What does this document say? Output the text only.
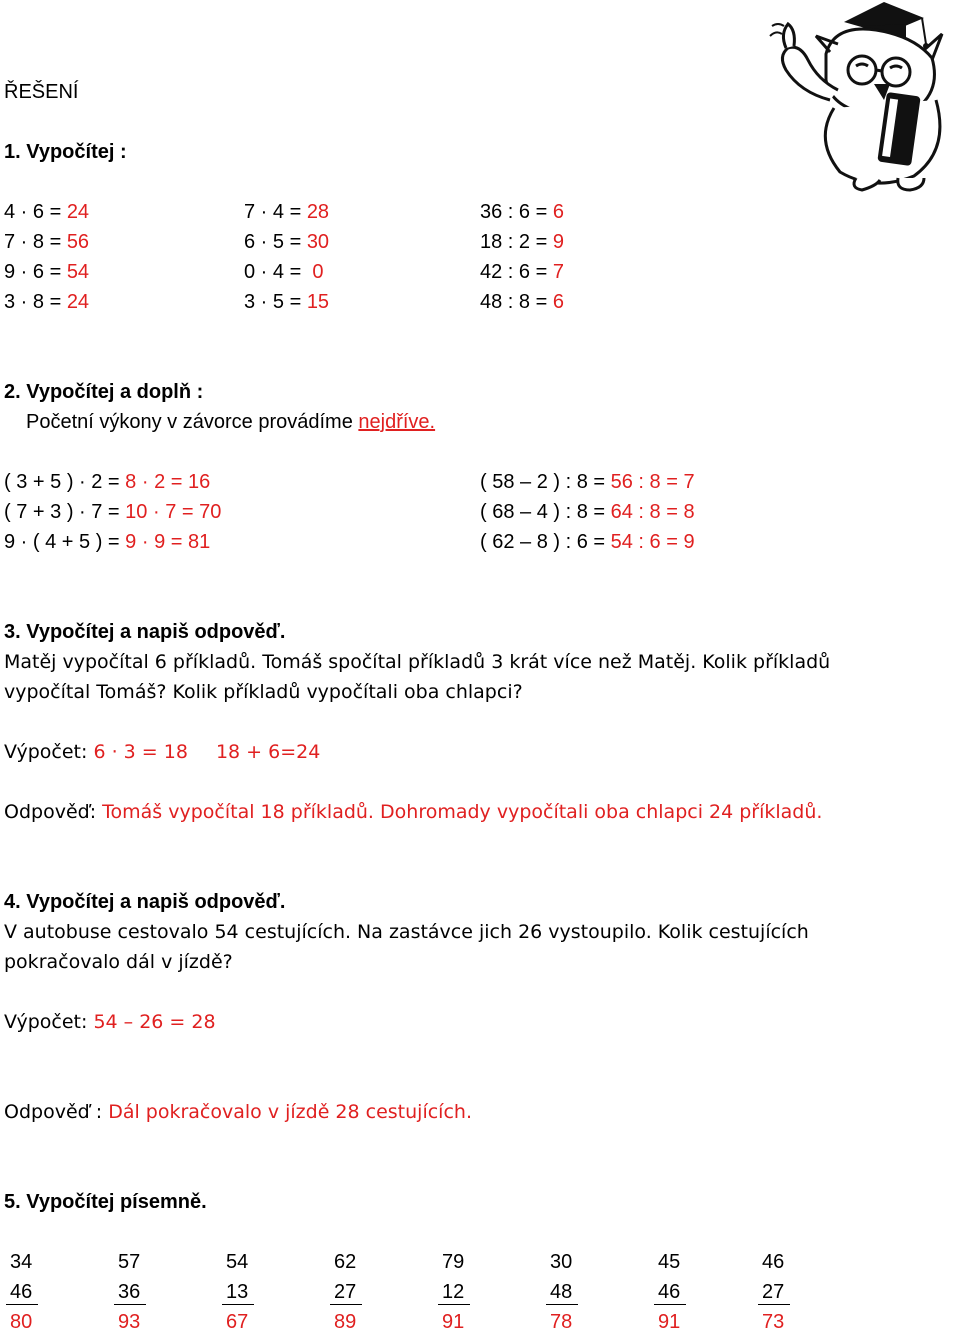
ŘEŠENÍ
1. Vypočítej :
4 · 6 = 24
7 · 8 = 56
9 · 6 = 54
3 · 8 = 24
7 · 4 = 28
6 · 5 = 30
0 · 4 =  0
3 · 5 = 15
36 : 6 = 6
18 : 2 = 9
42 : 6 = 7
48 : 8 = 6
2. Vypočítej a doplň :
Početní výkony v závorce provádíme nejdříve.
( 3 + 5 ) · 2 = 8 · 2 = 16
( 7 + 3 ) · 7 = 10 · 7 = 70
9 · ( 4 + 5 ) = 9 · 9 = 81
( 58 – 2 ) : 8 = 56 : 8 = 7
( 68 – 4 ) : 8 = 64 : 8 = 8
( 62 – 8 ) : 6 = 54 : 6 = 9
3. Vypočítej a napiš odpověď.
Matěj vypočítal 6 příkladů. Tomáš spočítal příkladů 3 krát více než Matěj. Kolik příkladů
vypočítal Tomáš? Kolik příkladů vypočítali oba chlapci?
Výpočet: 6 · 3 = 18 18 + 6=24
Odpověď: Tomáš vypočítal 18 příkladů. Dohromady vypočítali oba chlapci 24 příkladů.
4. Vypočítej a napiš odpověď.
V autobuse cestovalo 54 cestujících. Na zastávce jich 26 vystoupilo. Kolik cestujících
pokračovalo dál v jízdě?
Výpočet: 54 – 26 = 28
Odpověď : Dál pokračovalo v jízdě 28 cestujících.
5. Vypočítej písemně.
34
46
80
57
36
93
54
13
67
62
27
89
79
12
91
30
48
78
45
46
91
46
27
73
